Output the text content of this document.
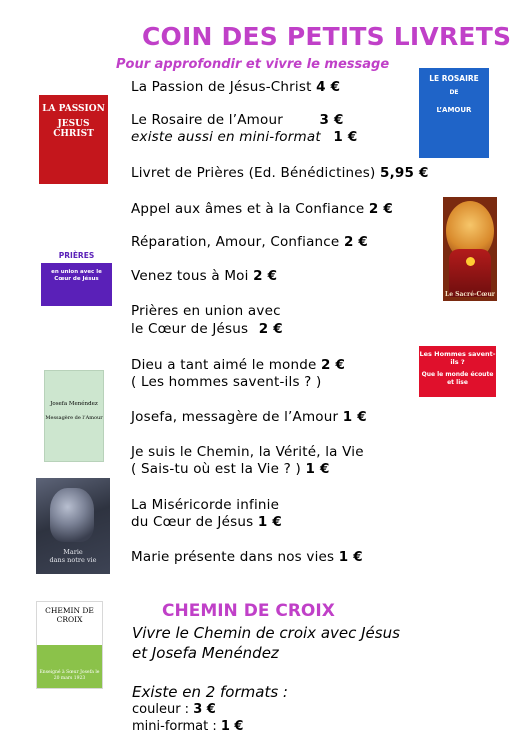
COIN DES PETITS LIVRETS
Pour approfondir et vivre le message
LA PASSION
JESUS CHRIST
LE ROSAIRE
DE
L’AMOUR
Le Sacré-Cœur
PRIÈRES
en union avec le Cœur de Jésus
Les Hommes savent-ils ?
Que le monde écoute et lise
Josefa Menéndez
Messagère de l’Amour
Marie
dans notre vie
CHEMIN DE CROIX
Enseigné à Sœur Josefa le 20 mars 1923
La Passion de Jésus-Christ 4 €
Le Rosaire de l’Amour	3 €
existe aussi en mini-format 1 €
Livret de Prières (Ed. Bénédictines) 5,95 €
Appel aux âmes et à la Confiance 2 €
Réparation, Amour, Confiance 2 €
Venez tous à Moi 2 €
Prières en union avec
le Cœur de Jésus 2 €
Dieu a tant aimé le monde 2 €
( Les hommes savent-ils ? )
Josefa, messagère de l’Amour 1 €
Je suis le Chemin, la Vérité, la Vie
( Sais-tu où est la Vie ? ) 1 €
La Miséricorde infinie
du Cœur de Jésus 1 €
Marie présente dans nos vies 1 €
CHEMIN DE CROIX
Vivre le Chemin de croix avec Jésus
et Josefa Menéndez
Existe en 2 formats :
couleur : 3 €
mini-format : 1 €
